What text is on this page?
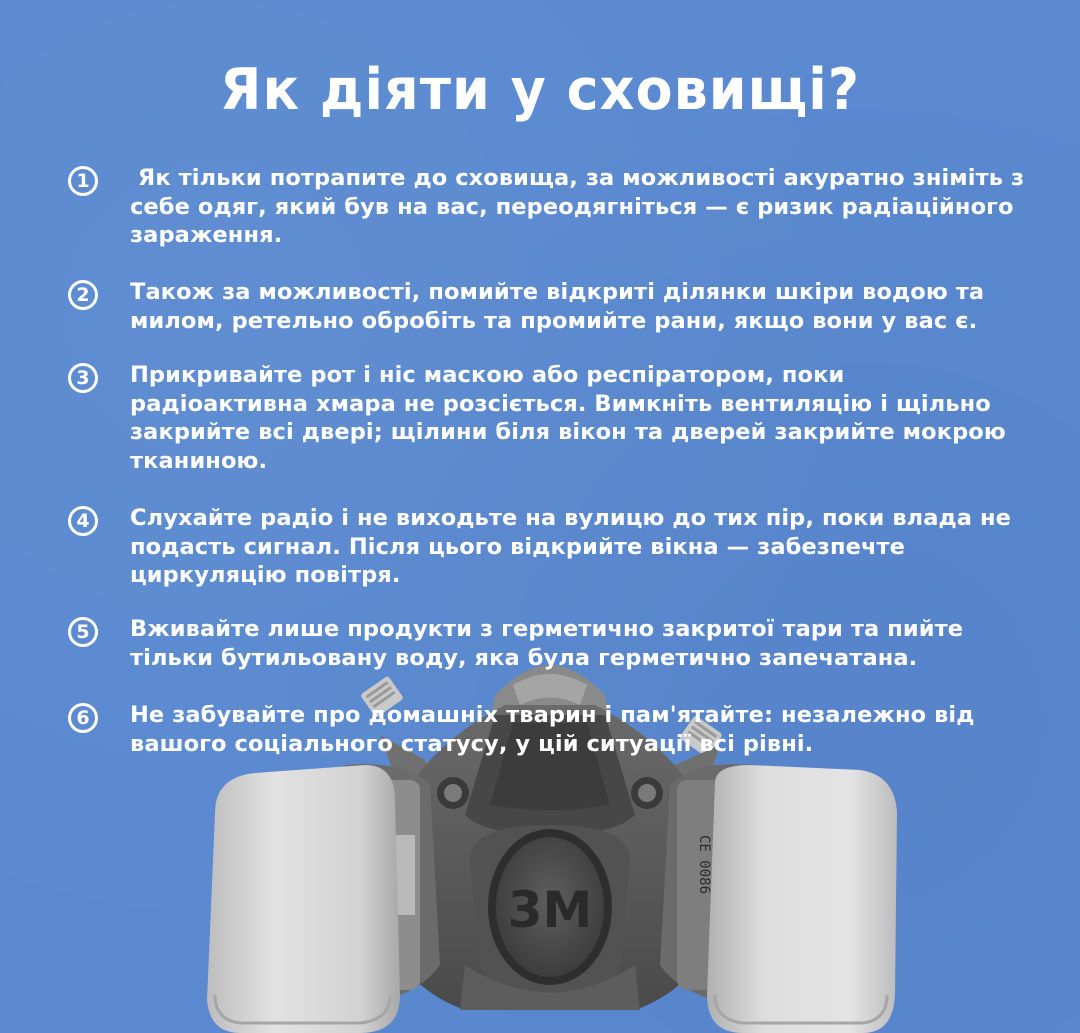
Як діяти у сховищі?
3M
CE 0086
1	Як тільки потрапите до сховища, за можливості акуратно зніміть з
себе одяг, який був на вас, переодягніться — є ризик радіаційного
зараження.
2	Також за можливості, помийте відкриті ділянки шкіри водою та
милом, ретельно обробіть та промийте рани, якщо вони у вас є.
3	Прикривайте рот і ніс маскою або респіратором, поки
радіоактивна хмара не розсіється. Вимкніть вентиляцію і щільно
закрийте всі двері; щілини біля вікон та дверей закрийте мокрою
тканиною.
4	Слухайте радіо і не виходьте на вулицю до тих пір, поки влада не
подасть сигнал. Після цього відкрийте вікна — забезпечте
циркуляцію повітря.
5	Вживайте лише продукти з герметично закритої тари та пийте
тільки бутильовану воду, яка була герметично запечатана.
6	Не забувайте про домашніх тварин і пам'ятайте: незалежно від
вашого соціального статусу, у цій ситуації всі рівні.
